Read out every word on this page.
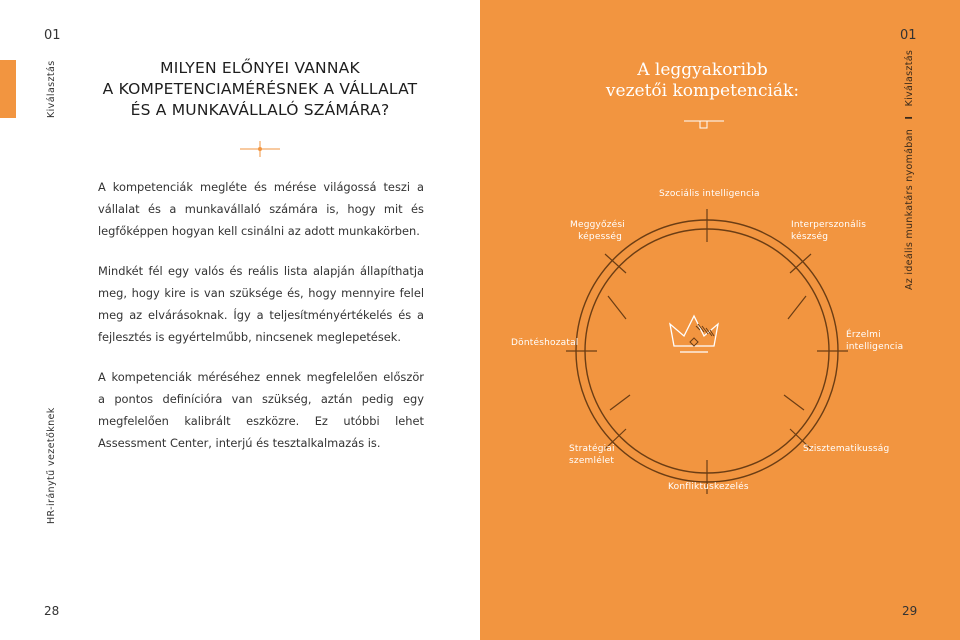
01
Kiválasztás	MILYEN ELŐNYEI VANNAK
A KOMPETENCIAMÉRÉSNEK A VÁLLALAT
ÉS A MUNKAVÁLLALÓ SZÁMÁRA?

A kompetenciák megléte és mérése világossá teszi a vállalat és a munkavállaló számára is, hogy mit és legfőképpen hogyan kell csinálni az adott munkakörben.

Mindkét fél egy valós és reális lista alapján állapíthatja meg, hogy kire is van szüksége és, hogy mennyire felel meg az elvárásoknak. Így a teljesítményértékelés és a fejlesztés is egyértelműbb, nincsenek meglepetések.

A kompetenciák méréséhez ennek megfelelően először a pontos definícióra van szükség, aztán pedig egy megfelelően kalibrált eszközre. Ez utóbbi lehet Assessment Center, interjú és tesztalkalmazás is.

HR-iránytű vezetőknek
28
A leggyakoribb
vezetői kompetenciák:
Szociális intelligencia
Meggyőzési képesség
Interperszonális készség
Döntéshozatal
Érzelmi intelligencia
Stratégiai szemlélet
Szisztematikusság
Konfliktuskezelés
01
Az ideális munkatárs nyomában I Kiválasztás
29
